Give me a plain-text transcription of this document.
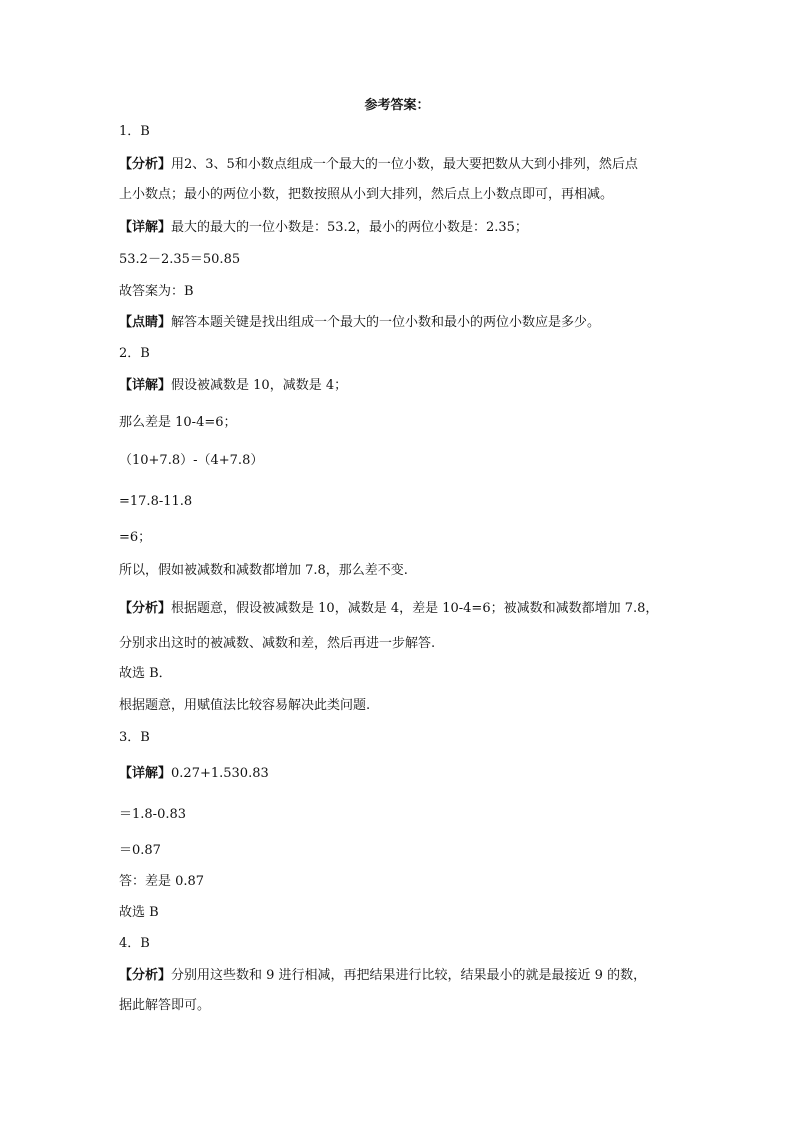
参考答案：
1．B
【分析】用2、3、5和小数点组成一个最大的一位小数，最大要把数从大到小排列，然后点
上小数点；最小的两位小数，把数按照从小到大排列，然后点上小数点即可，再相减。
【详解】最大的最大的一位小数是：53.2，最小的两位小数是：2.35；
53.2－2.35＝50.85
故答案为：B
【点睛】解答本题关键是找出组成一个最大的一位小数和最小的两位小数应是多少。
2．B
【详解】假设被减数是 10，减数是 4；
那么差是 10-4=6；
（10+7.8）-（4+7.8）
=17.8-11.8
=6；
所以，假如被减数和减数都增加 7.8，那么差不变.
【分析】根据题意，假设被减数是 10，减数是 4，差是 10-4=6；被减数和减数都增加 7.8，
分别求出这时的被减数、减数和差，然后再进一步解答.
故选 B．
根据题意，用赋值法比较容易解决此类问题.
3．B
【详解】0.27+1.530.83
＝1.8-0.83
＝0.87
答：差是 0.87
故选 B
4．B
【分析】分别用这些数和 9 进行相减，再把结果进行比较，结果最小的就是最接近 9 的数，
据此解答即可。
